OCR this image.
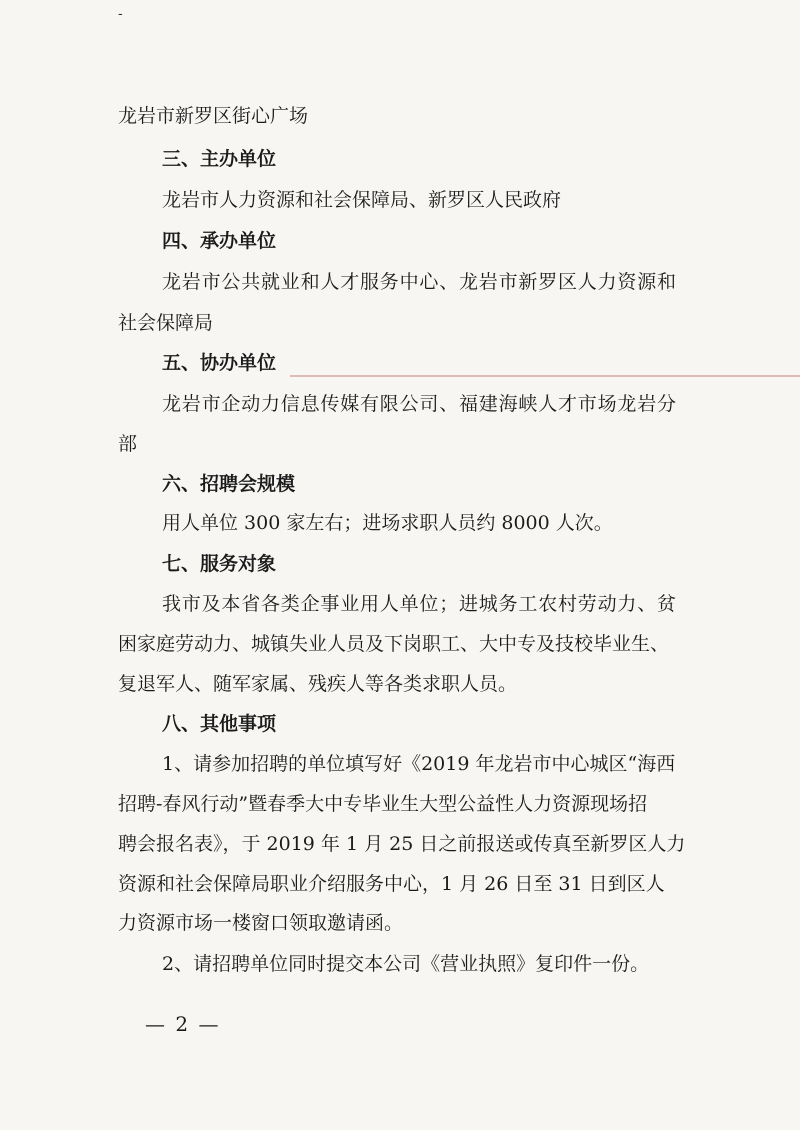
-
龙岩市新罗区街心广场
三、主办单位
龙岩市人力资源和社会保障局、新罗区人民政府
四、承办单位
龙岩市公共就业和人才服务中心、龙岩市新罗区人力资源和
社会保障局
五、协办单位
龙岩市企动力信息传媒有限公司、福建海峡人才市场龙岩分
部
六、招聘会规模
用人单位 300 家左右；进场求职人员约 8000 人次。
七、服务对象
我市及本省各类企事业用人单位；进城务工农村劳动力、贫
困家庭劳动力、城镇失业人员及下岗职工、大中专及技校毕业生、
复退军人、随军家属、残疾人等各类求职人员。
八、其他事项
1、请参加招聘的单位填写好《2019 年龙岩市中心城区“海西
招聘-春风行动”暨春季大中专毕业生大型公益性人力资源现场招
聘会报名表》，于 2019 年 1 月 25 日之前报送或传真至新罗区人力
资源和社会保障局职业介绍服务中心，1 月 26 日至 31 日到区人
力资源市场一楼窗口领取邀请函。
2、请招聘单位同时提交本公司《营业执照》复印件一份。
— 2 —
